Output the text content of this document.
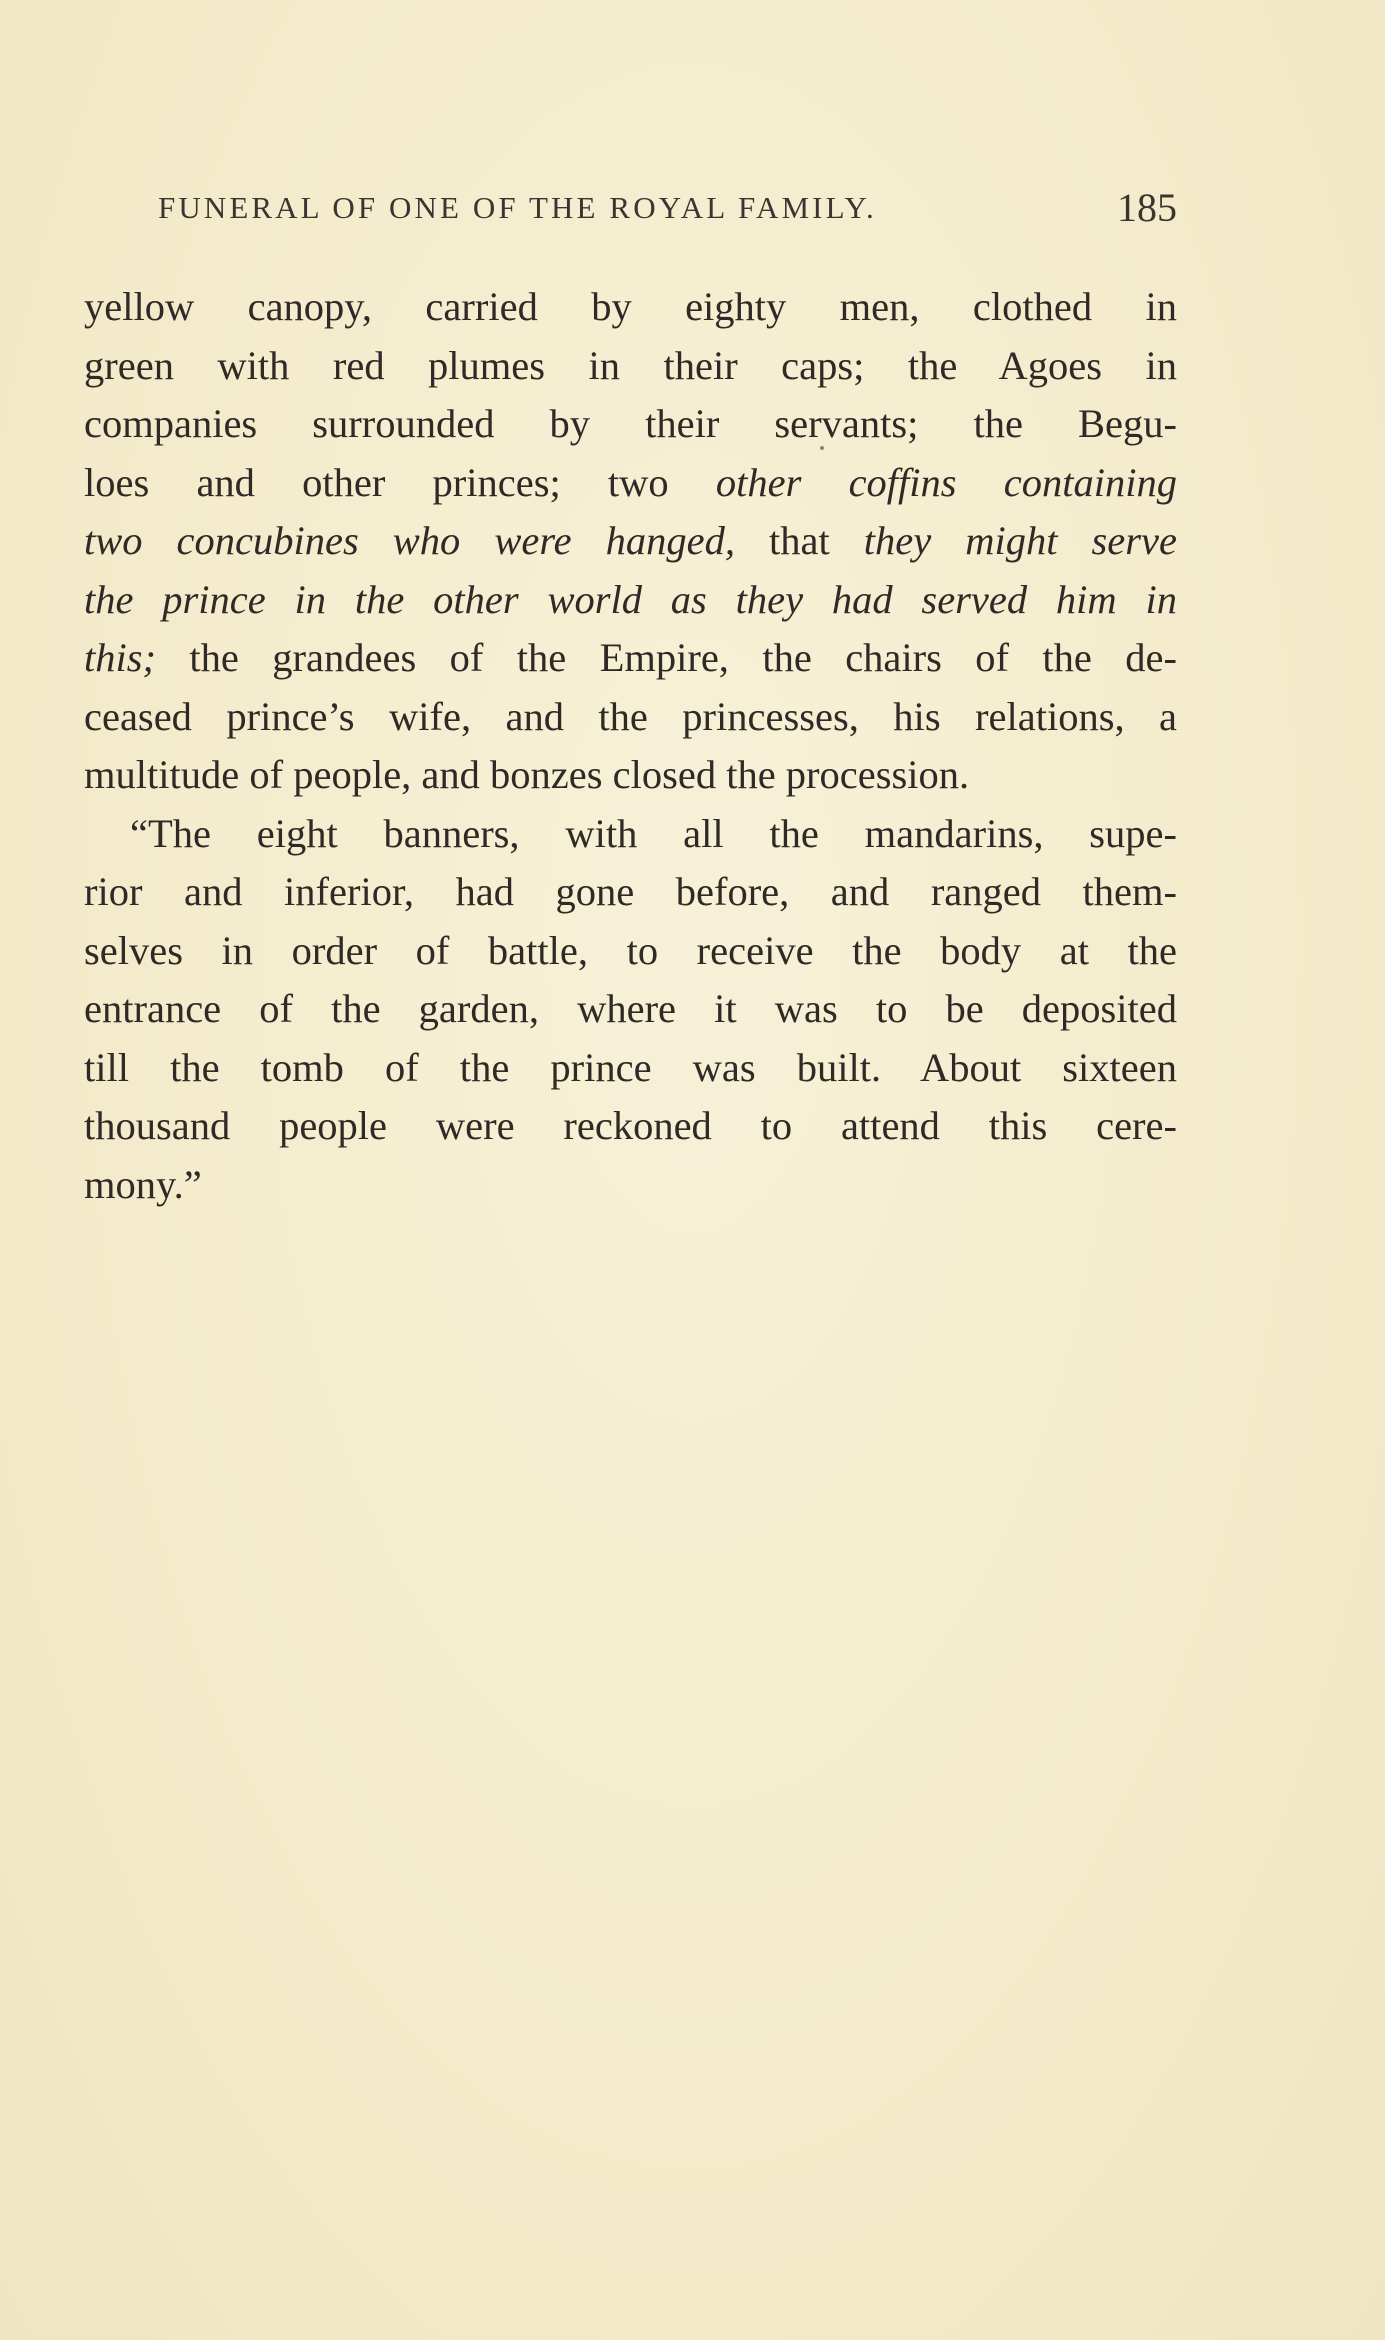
FUNERAL OF ONE OF THE ROYAL FAMILY.	185
yellow canopy, carried by eighty men, clothed in
green with red plumes in their caps; the Agoes in
companies surrounded by their servants; the Begu-
loes and other princes; two other coffins containing
two concubines who were hanged, that they might serve
the prince in the other world as they had served him in
this; the grandees of the Empire, the chairs of the de-
ceased prince’s wife, and the princesses, his relations, a
multitude of people, and bonzes closed the procession.
“The eight banners, with all the mandarins, supe-
rior and inferior, had gone before, and ranged them-
selves in order of battle, to receive the body at the
entrance of the garden, where it was to be deposited
till the tomb of the prince was built. About sixteen
thousand people were reckoned to attend this cere-
mony.”
